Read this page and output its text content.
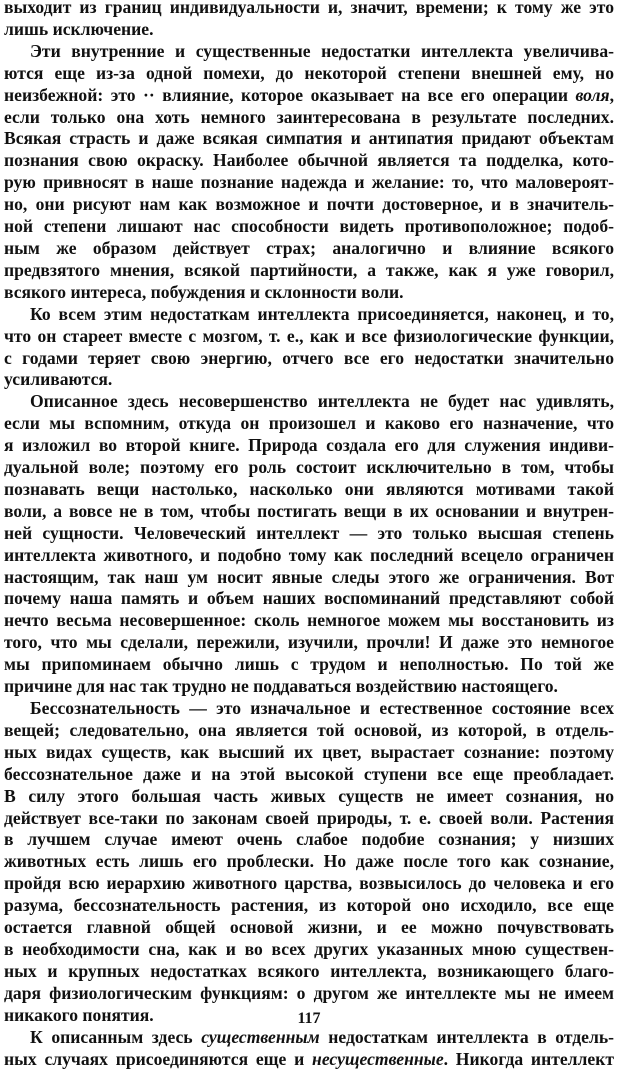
выходит из границ индивидуальности и, значит, времени; к тому же это
лишь исключение.

Эти внутренние и существенные недостатки интеллекта увеличива-
ются еще из-за одной помехи, до некоторой степени внешней ему, но
неизбежной: это ·· влияние, которое оказывает на все его операции воля,
если только она хоть немного заинтересована в результате последних.
Всякая страсть и даже всякая симпатия и антипатия придают объектам
познания свою окраску. Наиболее обычной является та подделка, кото-
рую привносят в наше познание надежда и желание: то, что маловероят-
но, они рисуют нам как возможное и почти достоверное, и в значитель-
ной степени лишают нас способности видеть противоположное; подоб-
ным же образом действует страх; аналогично и влияние всякого
предвзятого мнения, всякой партийности, а также, как я уже говорил,
всякого интереса, побуждения и склонности воли.

Ко всем этим недостаткам интеллекта присоединяется, наконец, и то,
что он стареет вместе с мозгом, т. е., как и все физиологические функции,
с годами теряет свою энергию, отчего все его недостатки значительно
усиливаются.

Описанное здесь несовершенство интеллекта не будет нас удивлять,
если мы вспомним, откуда он произошел и каково его назначение, что
я изложил во второй книге. Природа создала его для служения индиви-
дуальной воле; поэтому его роль состоит исключительно в том, чтобы
познавать вещи настолько, насколько они являются мотивами такой
воли, а вовсе не в том, чтобы постигать вещи в их основании и внутрен-
ней сущности. Человеческий интеллект — это только высшая степень
интеллекта животного, и подобно тому как последний всецело ограничен
настоящим, так наш ум носит явные следы этого же ограничения. Вот
почему наша память и объем наших воспоминаний представляют собой
нечто весьма несовершенное: сколь немногое можем мы восстановить из
того, что мы сделали, пережили, изучили, прочли! И даже это немногое
мы припоминаем обычно лишь с трудом и неполностью. По той же
причине для нас так трудно не поддаваться воздействию настоящего.

Бессознательность — это изначальное и естественное состояние всех
вещей; следовательно, она является той основой, из которой, в отдель-
ных видах существ, как высший их цвет, вырастает сознание: поэтому
бессознательное даже и на этой высокой ступени все еще преобладает.
В силу этого большая часть живых существ не имеет сознания, но
действует все-таки по законам своей природы, т. е. своей воли. Растения
в лучшем случае имеют очень слабое подобие сознания; у низших
животных есть лишь его проблески. Но даже после того как сознание,
пройдя всю иерархию животного царства, возвысилось до человека и его
разума, бессознательность растения, из которой оно исходило, все еще
остается главной общей основой жизни, и ее можно почувствовать
в необходимости сна, как и во всех других указанных мною существен-
ных и крупных недостатках всякого интеллекта, возникающего благо-
даря физиологическим функциям: о другом же интеллекте мы не имеем
никакого понятия.

К описанным здесь существенным недостаткам интеллекта в отдель-
ных случаях присоединяются еще и несущественные. Никогда интеллект

117
